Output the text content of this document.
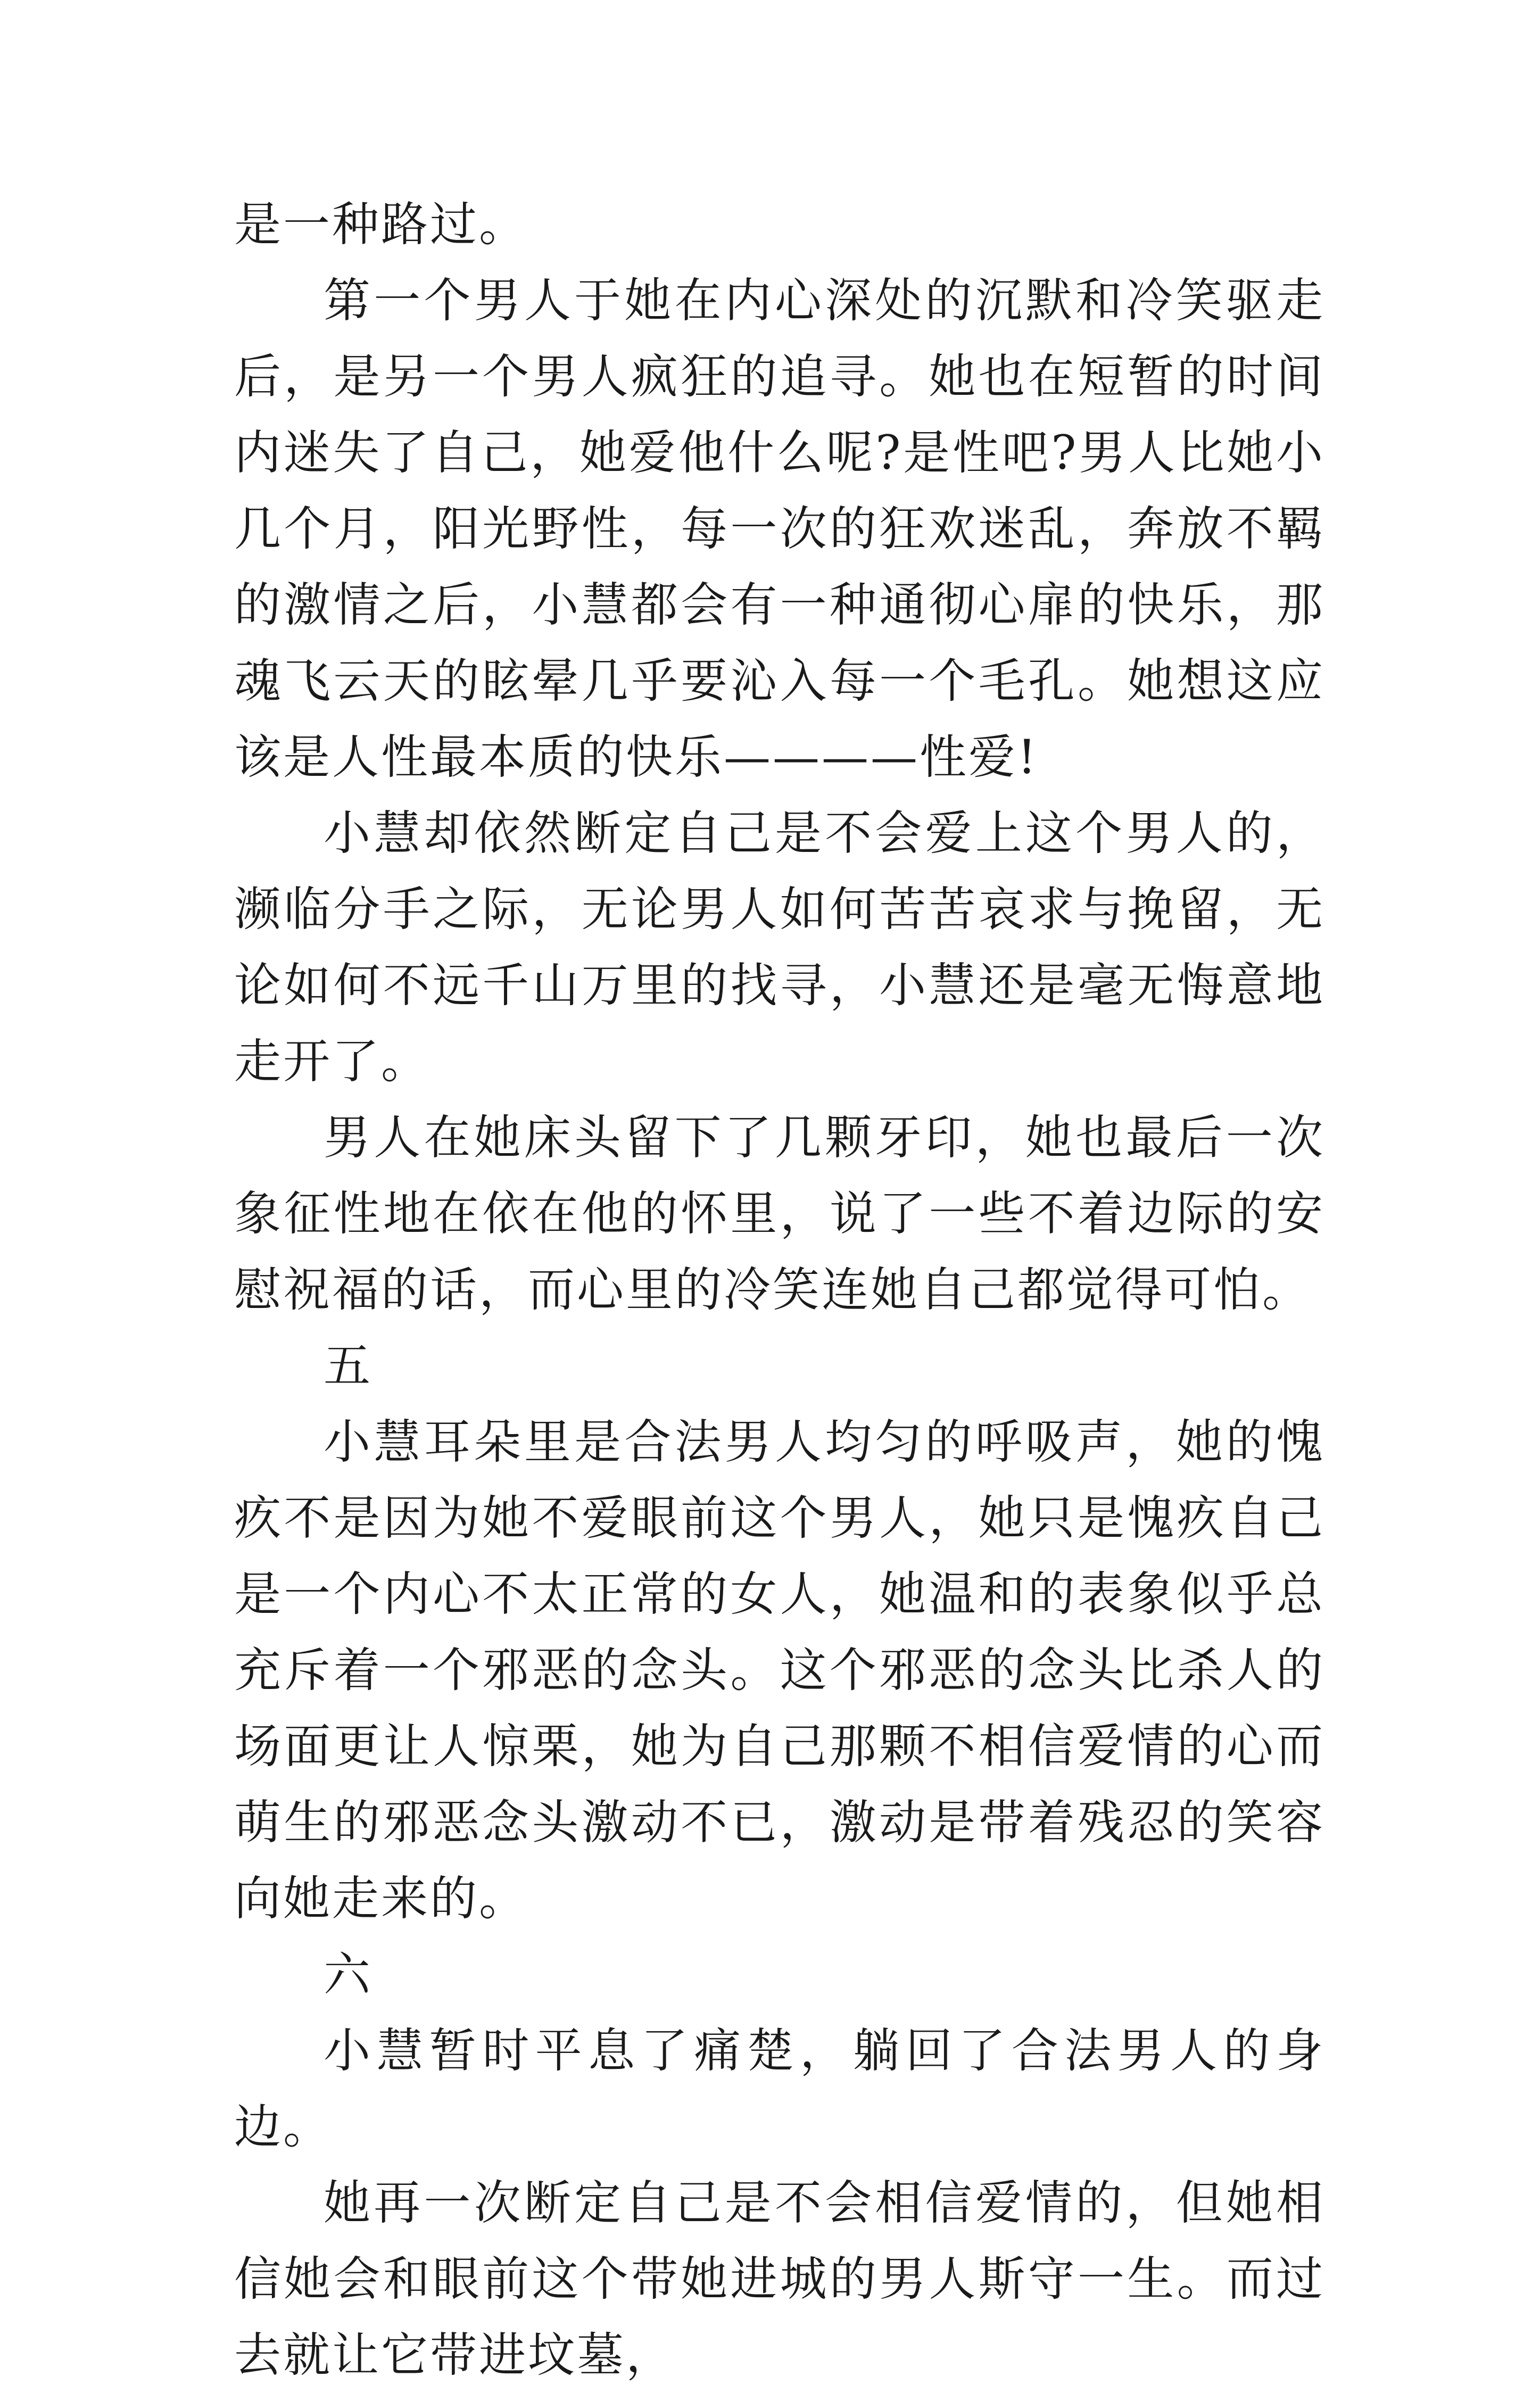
是一种路过。

第一个男人于她在内心深处的沉默和冷笑驱走后，是另一个男人疯狂的追寻。她也在短暂的时间内迷失了自己，她爱他什么呢?是性吧?男人比她小几个月，阳光野性，每一次的狂欢迷乱，奔放不羁的激情之后，小慧都会有一种通彻心扉的快乐，那魂飞云天的眩晕几乎要沁入每一个毛孔。她想这应该是人性最本质的快乐————性爱!

小慧却依然断定自己是不会爱上这个男人的，濒临分手之际，无论男人如何苦苦哀求与挽留，无论如何不远千山万里的找寻，小慧还是毫无悔意地走开了。

男人在她床头留下了几颗牙印，她也最后一次象征性地在依在他的怀里，说了一些不着边际的安慰祝福的话，而心里的冷笑连她自己都觉得可怕。

五

小慧耳朵里是合法男人均匀的呼吸声，她的愧疚不是因为她不爱眼前这个男人，她只是愧疚自己是一个内心不太正常的女人，她温和的表象似乎总充斥着一个邪恶的念头。这个邪恶的念头比杀人的场面更让人惊栗，她为自己那颗不相信爱情的心而萌生的邪恶念头激动不已，激动是带着残忍的笑容向她走来的。

六

小慧暂时平息了痛楚，躺回了合法男人的身边。

她再一次断定自己是不会相信爱情的，但她相信她会和眼前这个带她进城的男人斯守一生。而过去就让它带进坟墓，
